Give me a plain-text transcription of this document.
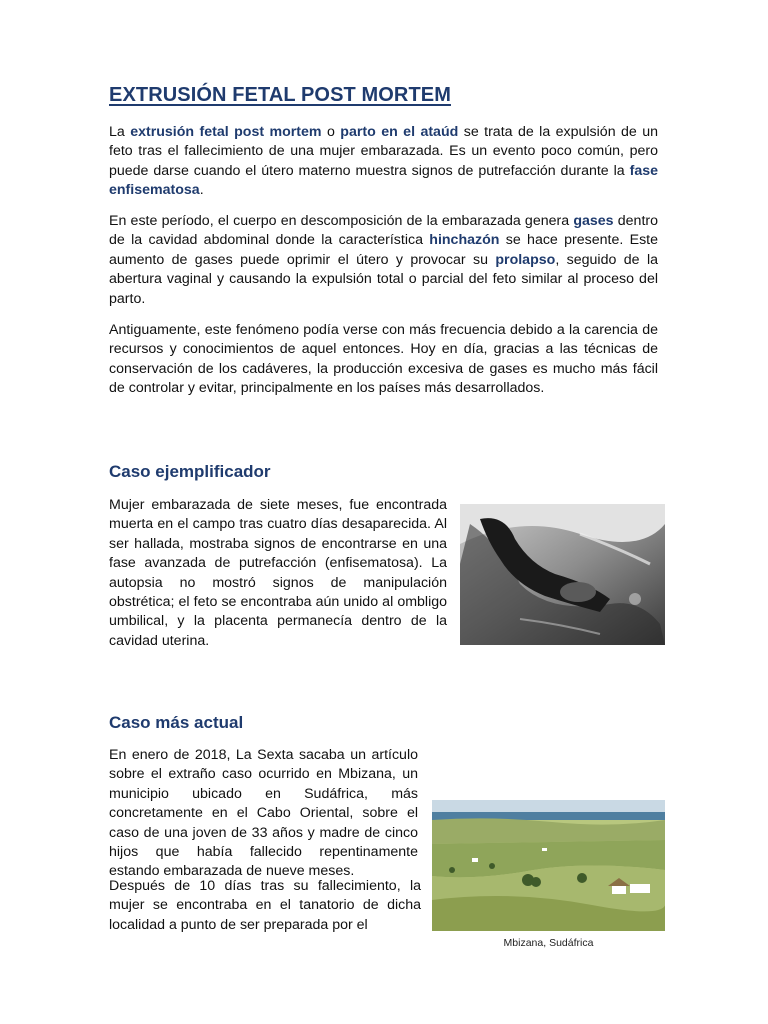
EXTRUSIÓN FETAL POST MORTEM

La extrusión fetal post mortem o parto en el ataúd se trata de la expulsión de un feto tras el fallecimiento de una mujer embarazada. Es un evento poco común, pero puede darse cuando el útero materno muestra signos de putrefacción durante la fase enfisematosa.

En este período, el cuerpo en descomposición de la embarazada genera gases dentro de la cavidad abdominal donde la característica hinchazón se hace presente. Este aumento de gases puede oprimir el útero y provocar su prolapso, seguido de la abertura vaginal y causando la expulsión total o parcial del feto similar al proceso del parto.

Antiguamente, este fenómeno podía verse con más frecuencia debido a la carencia de recursos y conocimientos de aquel entonces. Hoy en día, gracias a las técnicas de conservación de los cadáveres, la producción excesiva de gases es mucho más fácil de controlar y evitar, principalmente en los países más desarrollados.

Caso ejemplificador

Mujer embarazada de siete meses, fue encontrada muerta en el campo tras cuatro días desaparecida. Al ser hallada, mostraba signos de encontrarse en una fase avanzada de putrefacción (enfisematosa). La autopsia no mostró signos de manipulación obstrética; el feto se encontraba aún unido al ombligo umbilical, y la placenta permanecía dentro de la cavidad uterina.

Caso más actual

En enero de 2018, La Sexta sacaba un artículo sobre el extraño caso ocurrido en Mbizana, un municipio ubicado en Sudáfrica, más concretamente en el Cabo Oriental, sobre el caso de una joven de 33 años y madre de cinco hijos que había fallecido repentinamente estando embarazada de nueve meses.

Después de 10 días tras su fallecimiento, la mujer se encontraba en el tanatorio de dicha localidad a punto de ser preparada por el

Mbizana, Sudáfrica
